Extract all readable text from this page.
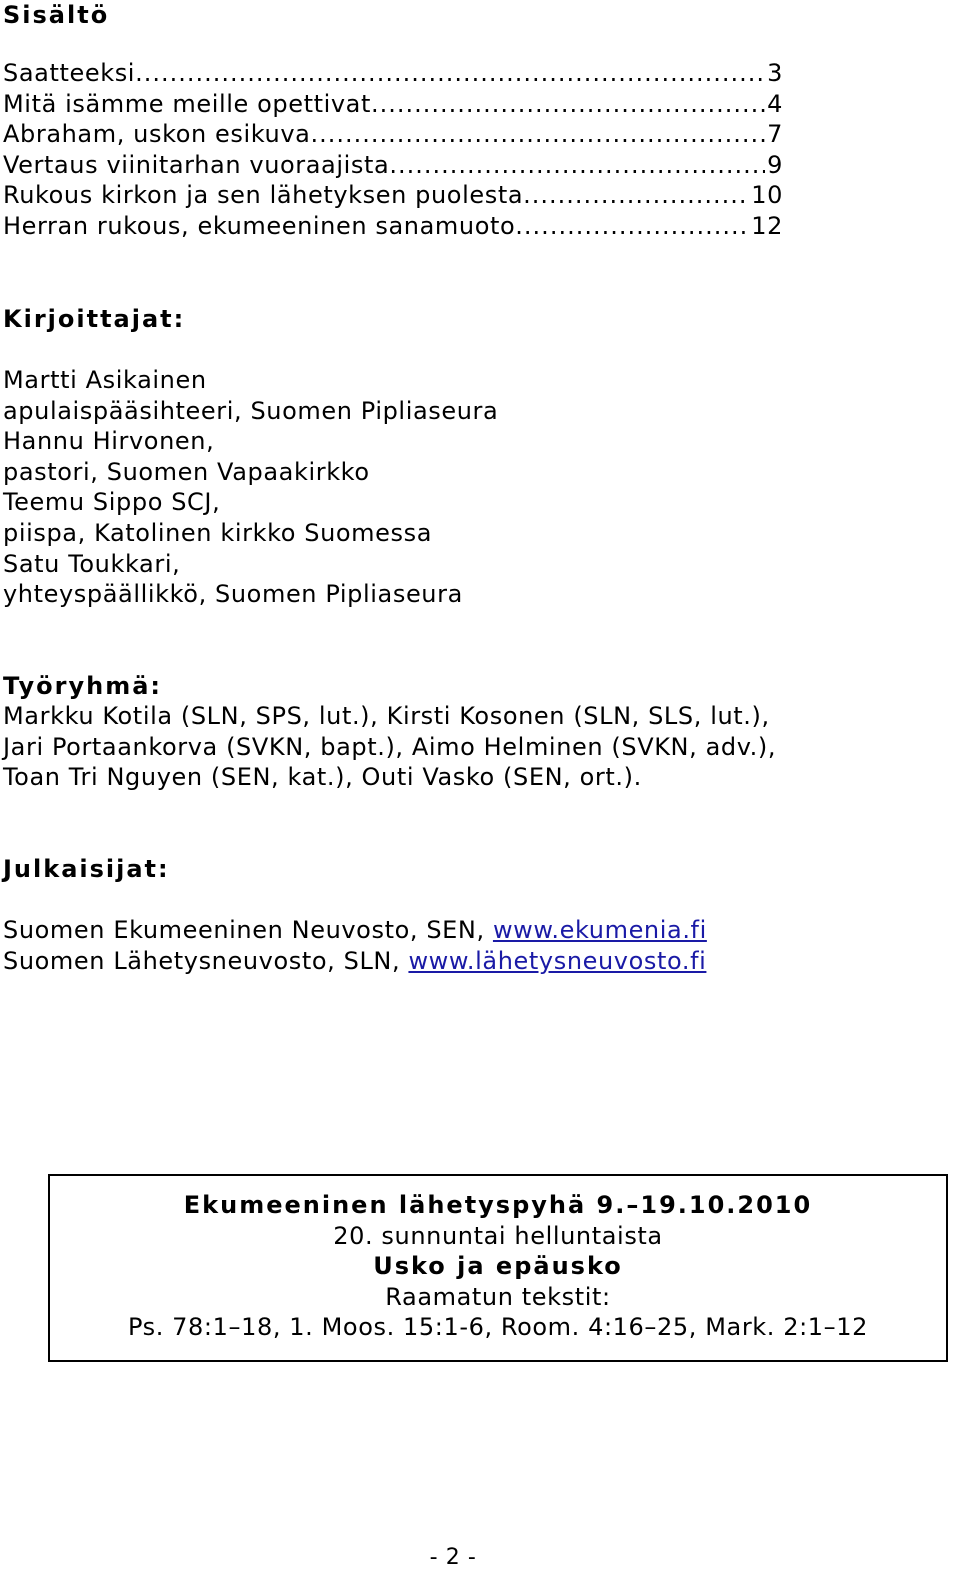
Sisältö
Saatteeksi .....	3
Mitä isämme meille opettivat .....	4
Abraham, uskon esikuva .....	7
Vertaus viinitarhan vuoraajista .....	9
Rukous kirkon ja sen lähetyksen puolesta .....	10
Herran rukous, ekumeeninen sanamuoto .....	12
Kirjoittajat:
Martti Asikainen
apulaispääsihteeri, Suomen Pipliaseura
Hannu Hirvonen,
pastori, Suomen Vapaakirkko
Teemu Sippo SCJ,
piispa, Katolinen kirkko Suomessa
Satu Toukkari,
yhteyspäällikkö, Suomen Pipliaseura
Työryhmä:
Markku Kotila (SLN, SPS, lut.), Kirsti Kosonen (SLN, SLS, lut.),
Jari Portaankorva (SVKN, bapt.), Aimo Helminen (SVKN, adv.),
Toan Tri Nguyen (SEN, kat.), Outi Vasko (SEN, ort.).
Julkaisijat:
Suomen Ekumeeninen Neuvosto, SEN, www.ekumenia.fi
Suomen Lähetysneuvosto, SLN, www.lähetysneuvosto.fi
Ekumeeninen lähetyspyhä 9.–19.10.2010
20. sunnuntai helluntaista
Usko ja epäusko
Raamatun tekstit:
Ps. 78:1–18, 1. Moos. 15:1-6, Room. 4:16–25, Mark. 2:1–12
- 2 -
